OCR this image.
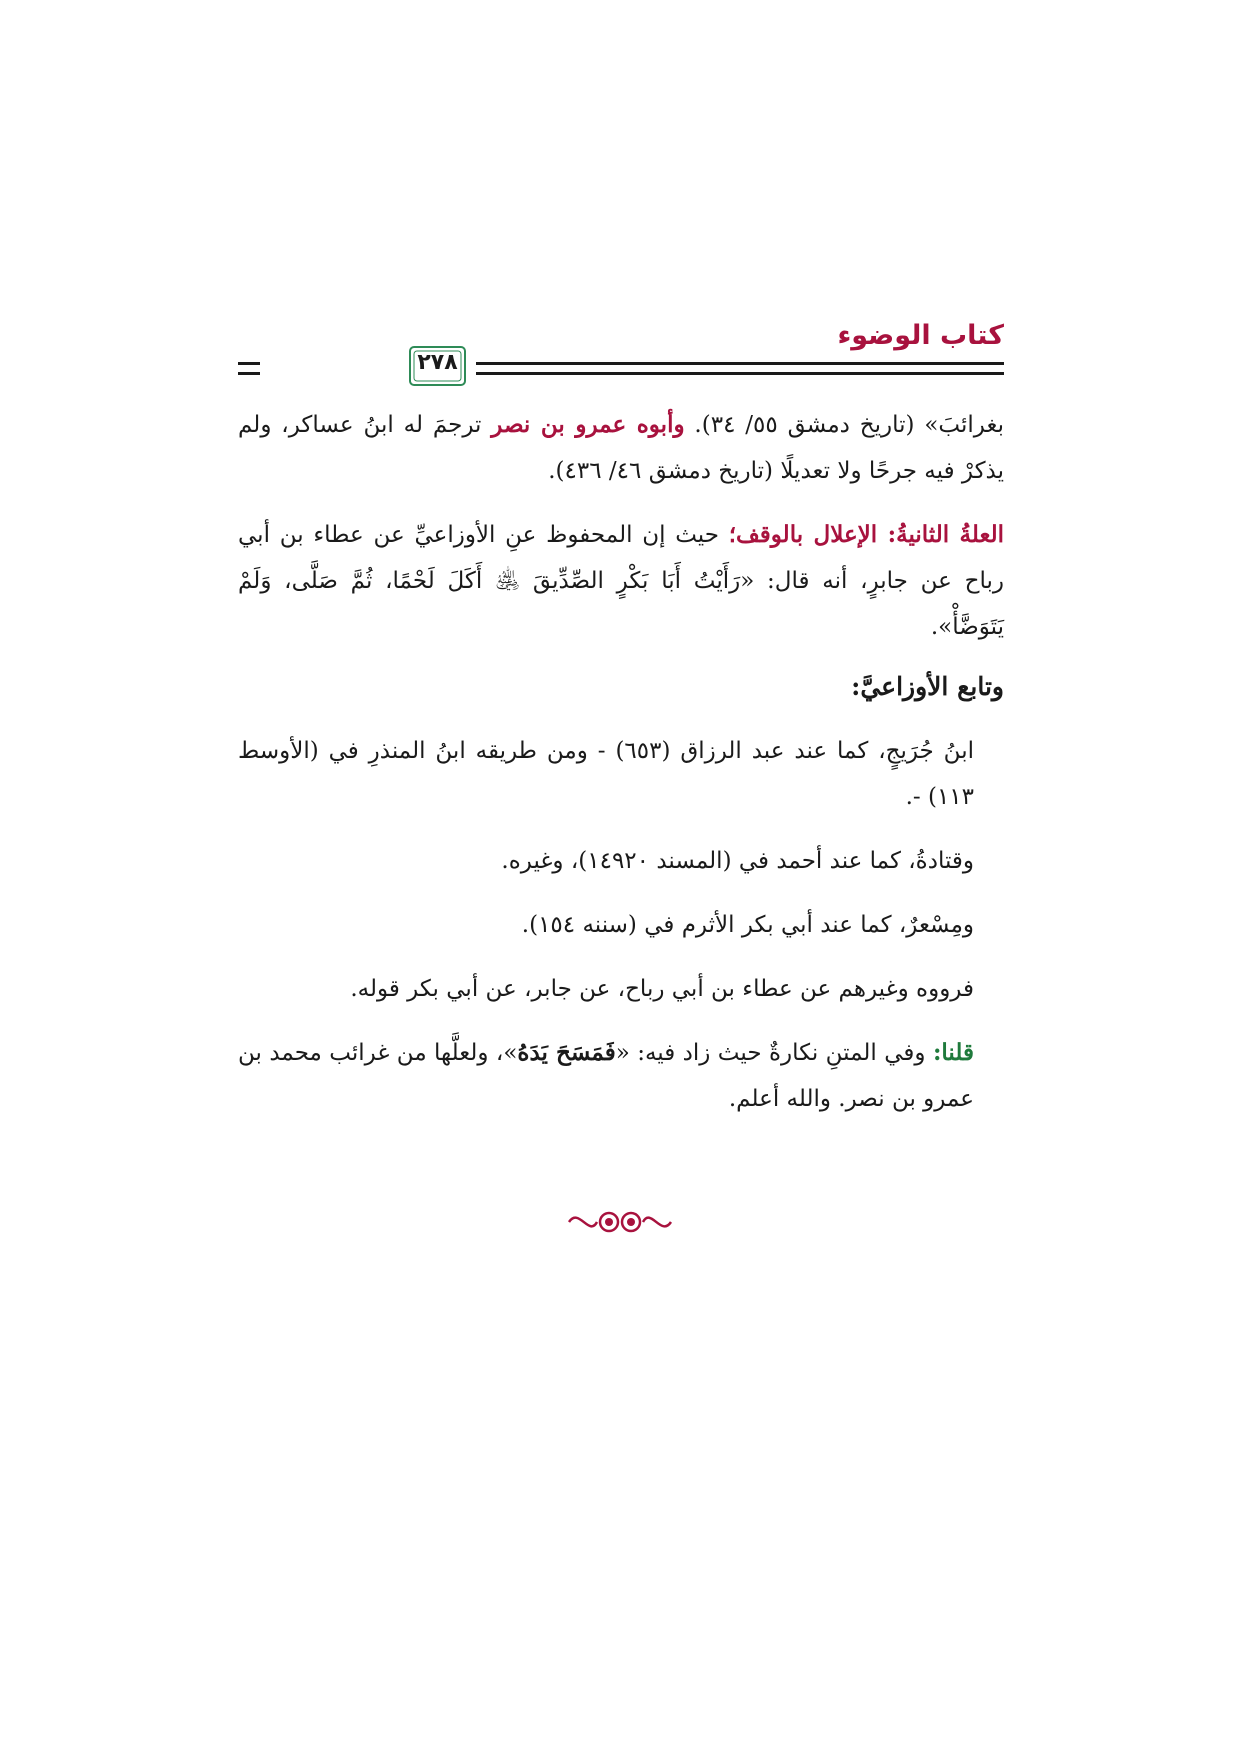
كتاب الوضوء
٢٧٨

بغرائبَ» (تاريخ دمشق ٥٥/ ٣٤). وأبوه عمرو بن نصر ترجمَ له ابنُ عساكر، ولم يذكرْ فيه جرحًا ولا تعديلًا (تاريخ دمشق ٤٦/ ٤٣٦).

العلةُ الثانيةُ: الإعلال بالوقف؛ حيث إن المحفوظ عنِ الأوزاعيِّ عن عطاء بن أبي رباح عن جابرٍ، أنه قال: «رَأَيْتُ أَبَا بَكْرٍ الصِّدِّيقَ ﵁ أَكَلَ لَحْمًا، ثُمَّ صَلَّى، وَلَمْ يَتَوَضَّأْ».

وتابع الأوزاعيَّ:

ابنُ جُرَيجٍ، كما عند عبد الرزاق (٦٥٣) - ومن طريقه ابنُ المنذرِ في (الأوسط ١١٣) -.

وقتادةُ، كما عند أحمد في (المسند ١٤٩٢٠)، وغيره.

ومِسْعرٌ، كما عند أبي بكر الأثرم في (سننه ١٥٤).

فرووه وغيرهم عن عطاء بن أبي رباح، عن جابر، عن أبي بكر قوله.

قلنا: وفي المتنِ نكارةٌ حيث زاد فيه: «فَمَسَحَ يَدَهُ»، ولعلَّها من غرائب محمد بن عمرو بن نصر. والله أعلم.
